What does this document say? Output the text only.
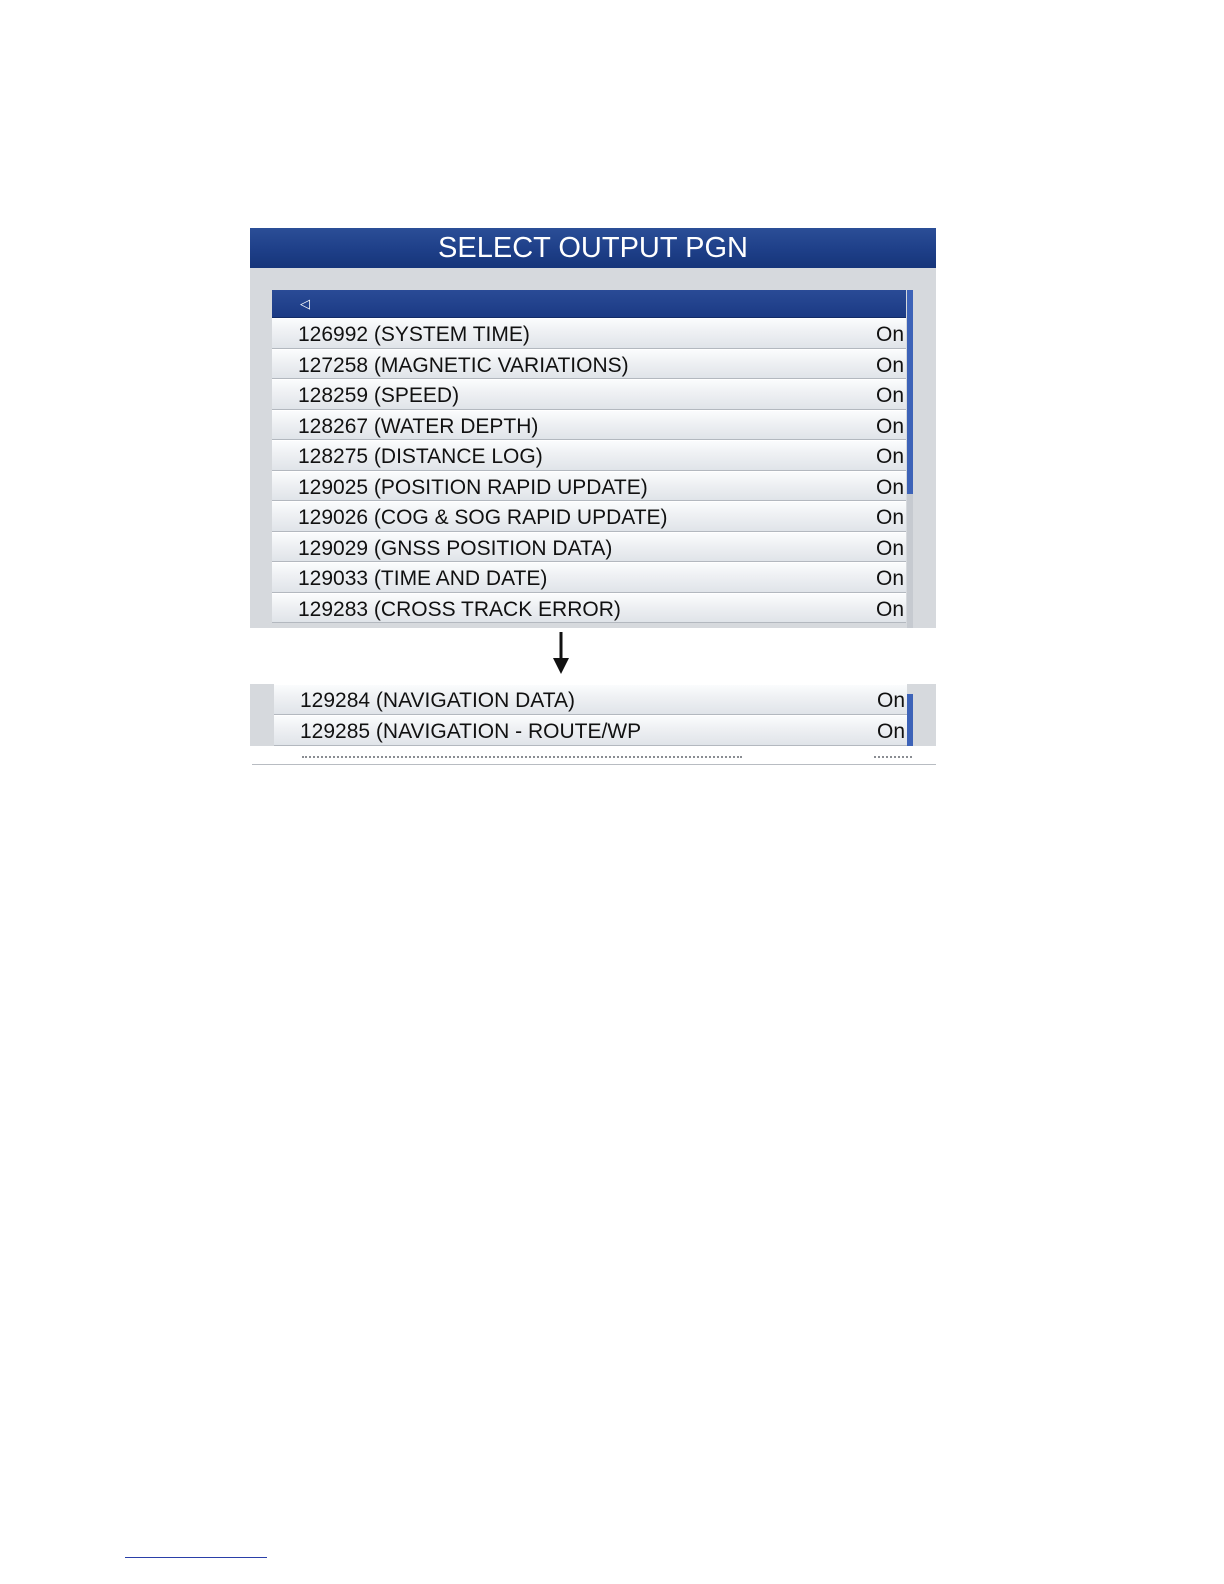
SELECT OUTPUT PGN
◁
126992 (SYSTEM TIME)	On
127258 (MAGNETIC VARIATIONS)	On
128259 (SPEED)	On
128267 (WATER DEPTH)	On
128275 (DISTANCE LOG)	On
129025 (POSITION RAPID UPDATE)	On
129026 (COG & SOG RAPID UPDATE)	On
129029 (GNSS POSITION DATA)	On
129033 (TIME AND DATE)	On
129283 (CROSS TRACK ERROR)	On
129284 (NAVIGATION DATA)	On
129285 (NAVIGATION - ROUTE/WP	On
